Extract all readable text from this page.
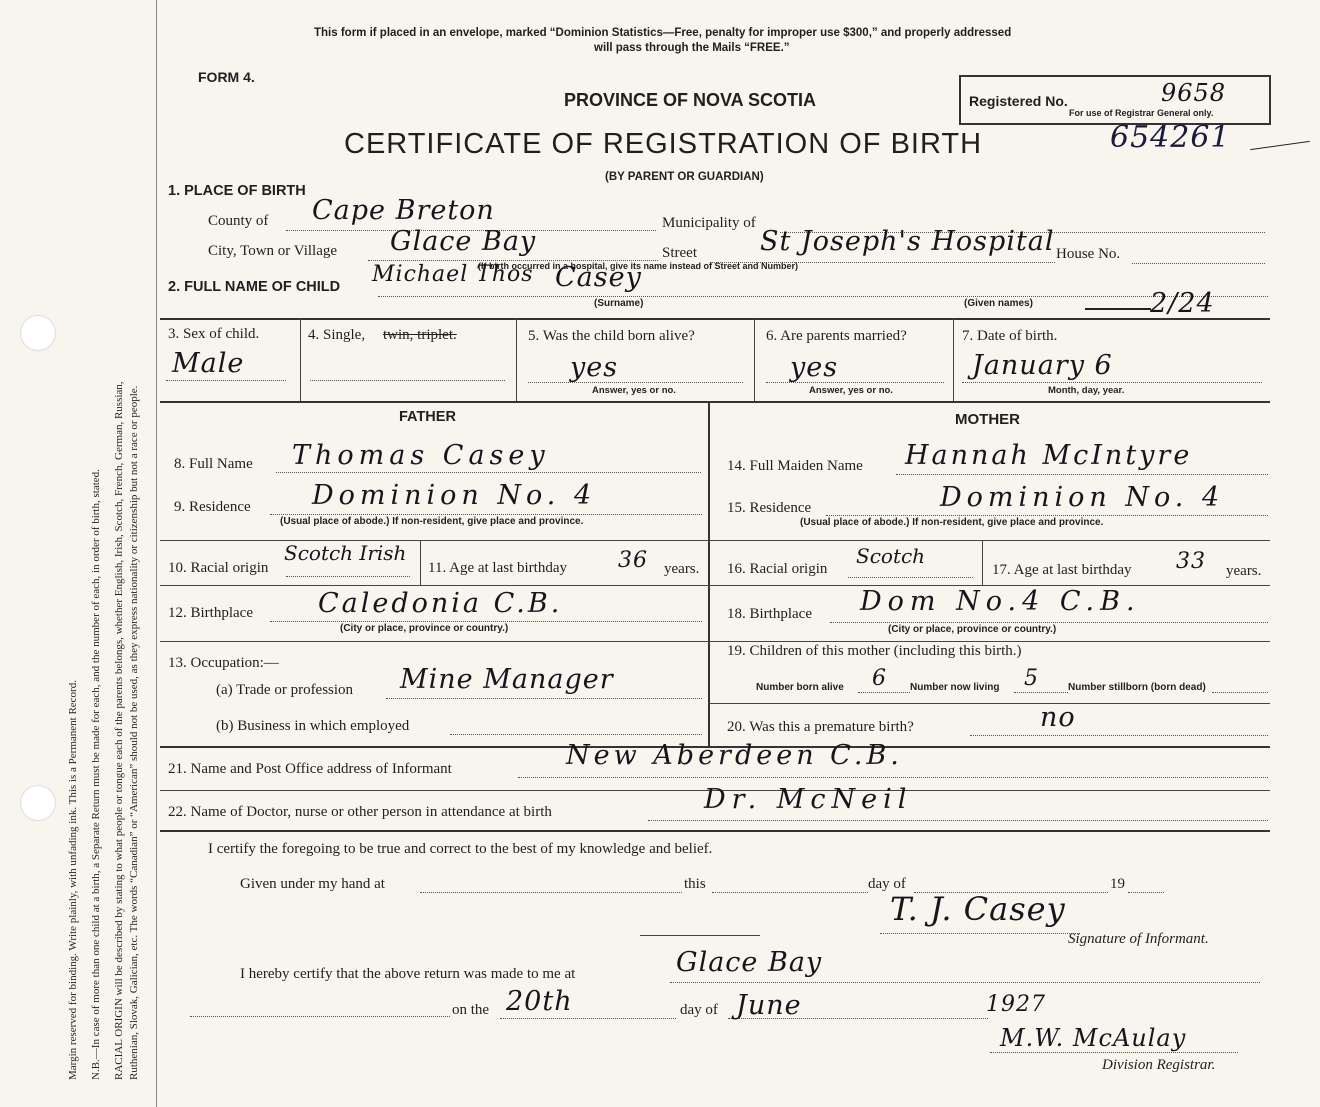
Margin reserved for binding. Write plainly, with unfading ink. This is a Permanent Record. N.B.—In case of more than one child at a birth, a Separate Return must be made for each, and the number of each, in order of birth, stated. RACIAL ORIGIN will be described by stating to what people or tongue each of the parents belongs, whether English, Irish, Scotch, French, German, Russian, Ruthenian, Slovak, Galician, etc. The words “Canadian” or “American” should not be used, as they express nationality or citizenship but not a race or people.
This form if placed in an envelope, marked “Dominion Statistics—Free, penalty for improper use $300,” and properly addressed
will pass through the Mails “FREE.”
FORM 4.
PROVINCE OF NOVA SCOTIA
CERTIFICATE OF REGISTRATION OF BIRTH
(BY PARENT OR GUARDIAN)
Registered No.
For use of Registrar General only.
9658
654261
1. PLACE OF BIRTH
County of Cape Breton	Municipality of
City, Town or Village Glace Bay	Street St Joseph's Hospital House No.
(If birth occurred in a hospital, give its name instead of Street and Number)
2. FULL NAME OF CHILD Michael Thos Casey
(Surname)	(Given names)	2/24
3. Sex of child.
Male
4. Single, twin, triplet.	5. Was the child born alive?
yes
Answer, yes or no.
6. Are parents married?
yes
Answer, yes or no.
7. Date of birth.
January 6
Month, day, year.
FATHER	MOTHER
8. Full Name Thomas Casey
9. Residence Dominion No. 4
(Usual place of abode.) If non-resident, give place and province.
10. Racial origin
Scotch Irish
11. Age at last birthday 36 years.
12. Birthplace Caledonia C.B.
(City or place, province or country.)
13. Occupation:—
(a) Trade or profession Mine Manager
(b) Business in which employed
14. Full Maiden Name Hannah McIntyre
15. Residence	Dominion No. 4
(Usual place of abode.) If non-resident, give place and province.
16. Racial origin
Scotch
17. Age at last birthday 33 years.
18. Birthplace Dom No.4 C.B.
(City or place, province or country.)
19. Children of this mother (including this birth.)
Number born alive 6 Number now living 5	Number stillborn (born dead)
20. Was this a premature birth?	no
21. Name and Post Office address of Informant	New Aberdeen C.B.
22. Name of Doctor, nurse or other person in attendance at birth	Dr. McNeil
I certify the foregoing to be true and correct to the best of my knowledge and belief.
Given under my hand at	this	day of	19
T. J. Casey
Signature of Informant.
I hereby certify that the above return was made to me at	Glace Bay
on the 20th	day of June	1927
M.W. McAulay
Division Registrar.
